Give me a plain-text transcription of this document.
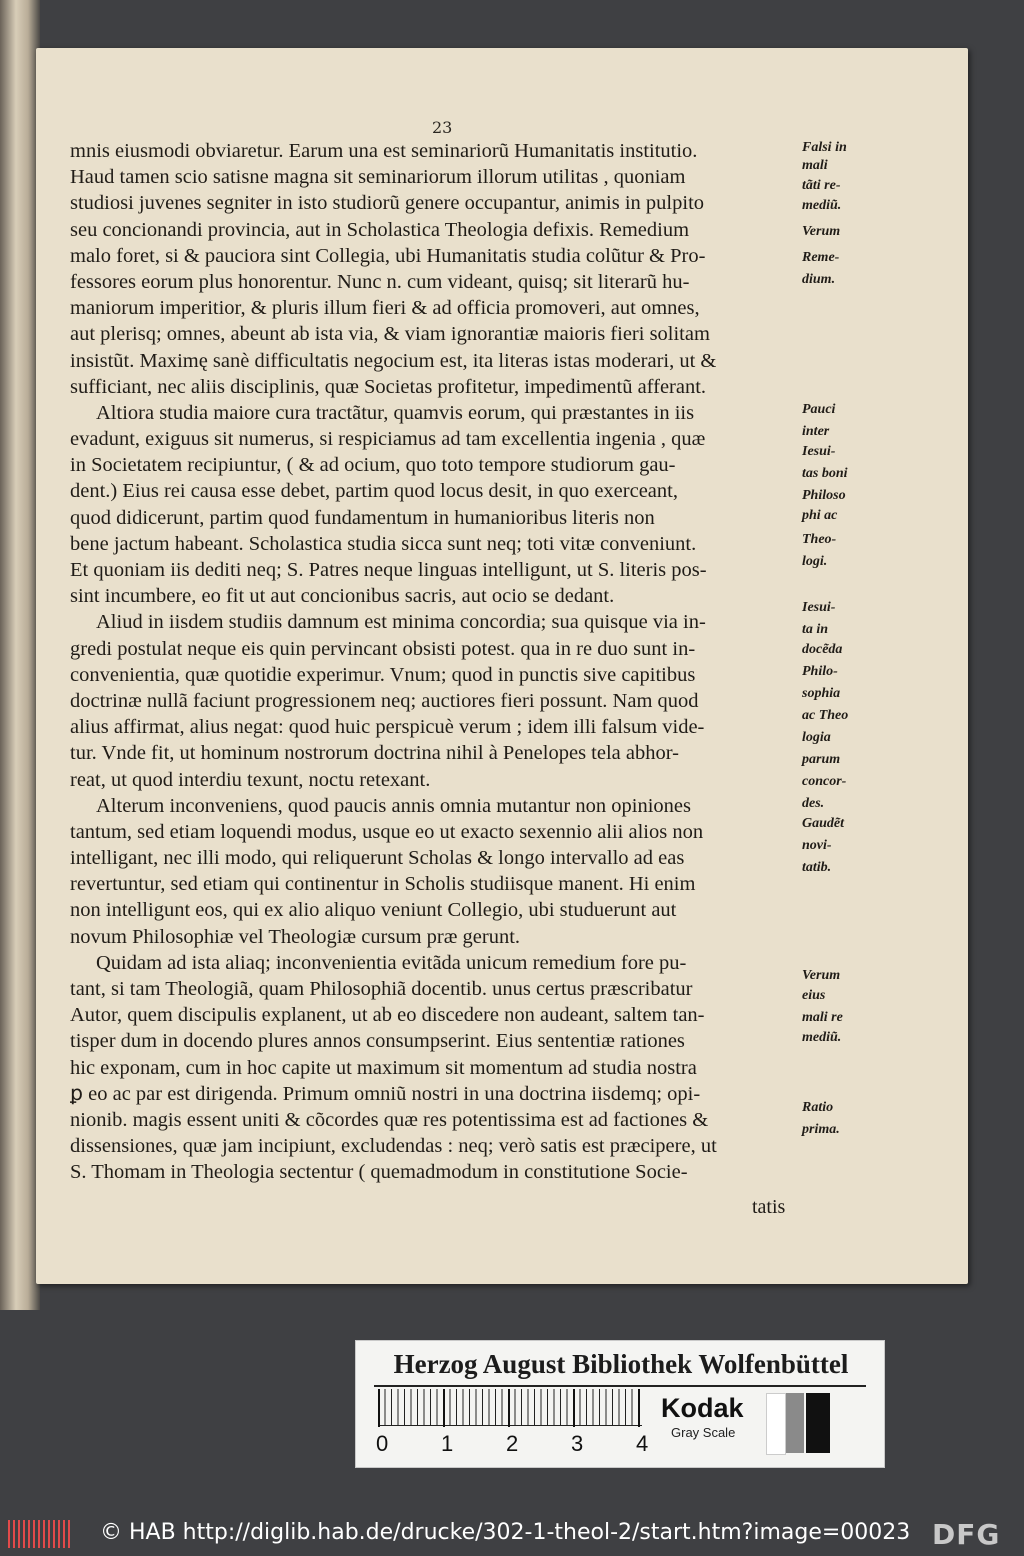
23
mnis eiusmodi obviaretur. Earum una est seminariorũ Humanitatis institutio.
Haud tamen scio satisne magna sit seminariorum illorum utilitas , quoniam
studiosi juvenes segniter in isto studiorũ genere occupantur, animis in pulpito
seu concionandi provincia, aut in Scholastica Theologia defixis. Remedium
malo foret, si & pauciora sint Collegia, ubi Humanitatis studia colũtur & Pro-
fessores eorum plus honorentur. Nunc n. cum videant, quisq; sit literarũ hu-
maniorum imperitior, & pluris illum fieri & ad officia promoveri, aut omnes,
aut plerisq; omnes, abeunt ab ista via, & viam ignorantiæ maioris fieri solitam
insistũt. Maximę sanè difficultatis negocium est, ita literas istas moderari, ut &
sufficiant, nec aliis disciplinis, quæ Societas profitetur, impedimentũ afferant.
Altiora studia maiore cura tractãtur, quamvis eorum, qui præstantes in iis
evadunt, exiguus sit numerus, si respiciamus ad tam excellentia ingenia , quæ
in Societatem recipiuntur, ( & ad ocium, quo toto tempore studiorum gau-
dent.) Eius rei causa esse debet, partim quod locus desit, in quo exerceant,
quod didicerunt, partim quod fundamentum in humanioribus literis non
bene jactum habeant. Scholastica studia sicca sunt neq; toti vitæ conveniunt.
Et quoniam iis dediti neq; S. Patres neque linguas intelligunt, ut S. literis pos-
sint incumbere, eo fit ut aut concionibus sacris, aut ocio se dedant.
Aliud in iisdem studiis damnum est minima concordia; sua quisque via in-
gredi postulat neque eis quin pervincant obsisti potest. qua in re duo sunt in-
convenientia, quæ quotidie experimur. Vnum; quod in punctis sive capitibus
doctrinæ nullã faciunt progressionem neq; auctiores fieri possunt. Nam quod
alius affirmat, alius negat: quod huic perspicuè verum ; idem illi falsum vide-
tur. Vnde fit, ut hominum nostrorum doctrina nihil à Penelopes tela abhor-
reat, ut quod interdiu texunt, noctu retexant.
Alterum inconveniens, quod paucis annis omnia mutantur non opiniones
tantum, sed etiam loquendi modus, usque eo ut exacto sexennio alii alios non
intelligant, nec illi modo, qui reliquerunt Scholas & longo intervallo ad eas
revertuntur, sed etiam qui continentur in Scholis studiisque manent. Hi enim
non intelligunt eos, qui ex alio aliquo veniunt Collegio, ubi studuerunt aut
novum Philosophiæ vel Theologiæ cursum præ gerunt.
Quidam ad ista aliaq; inconvenientia evitãda unicum remedium fore pu-
tant, si tam Theologiã, quam Philosophiã docentib. unus certus præscribatur
Autor, quem discipulis explanent, ut ab eo discedere non audeant, saltem tan-
tisper dum in docendo plures annos consumpserint. Eius sententiæ rationes
hic exponam, cum in hoc capite ut maximum sit momentum ad studia nostra
ꝑ eo ac par est dirigenda. Primum omniũ nostri in una doctrina iisdemq; opi-
nionib. magis essent uniti & cõcordes quæ res potentissima est ad factiones &
dissensiones, quæ jam incipiunt, excludendas : neq; verò satis est præcipere, ut
S. Thomam in Theologia sectentur ( quemadmodum in constitutione Socie-
Falsi in
mali
tãti re-
mediũ.
Verum
Reme-
dium.
Pauci
inter
Iesui-
tas boni
Philoso
phi ac
Theo-
logi.
Iesui-
ta in
docẽda
Philo-
sophia
ac Theo
logia
parum
concor-
des.
Gaudẽt
novi-
tatib.
Verum
eius
mali re
mediũ.
Ratio
prima.
tatis
Herzog August Bibliothek Wolfenbüttel
0 1 2 3 4
Kodak
Gray Scale
© HAB http://diglib.hab.de/drucke/302-1-theol-2/start.htm?image=00023 DFG
